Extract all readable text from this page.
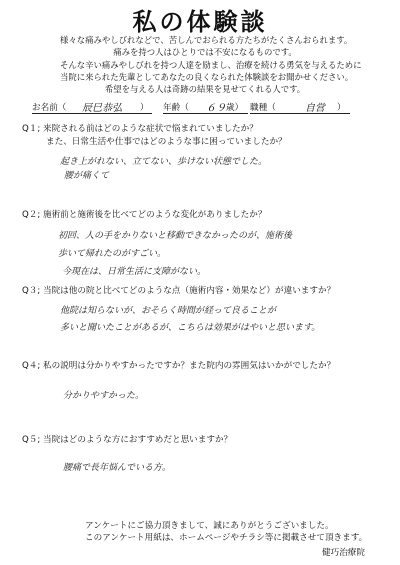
私の体験談
様々な痛みやしびれなどで、苦しんでおられる方たちがたくさんおられます。
痛みを持つ人はひとりでは不安になるものです。
そんな辛い痛みやしびれを持つ人達を励まし、治療を続ける勇気を与えるために
当院に来られた先輩としてあなたの良くなられた体験談をお聞かせください。
希望を与える人は奇跡の結果を見せてくれる人です。
お名前（ 辰巳恭弘 ） 年齢（ ６９ 歳） 職種（	自営 ）
Q１; 来院される前はどのような症状で悩まれていましたか？
また、日常生活や仕事ではどのような事に困っていましたか？
起き上がれない、立てない、歩けない状態でした。
腰が痛くて
Q２; 施術前と施術後を比べてどのような変化がありましたか？
初回、人の手をかりないと移動できなかったのが、施術後
歩いて帰れたのがすごい。
今現在は、日常生活に支障がない。
Q３; 当院は他の院と比べてどのような点（施術内容・効果など）が違いますか？
他院は知らないが、おそらく時間が経って良ることが
多いと聞いたことがあるが、こちらは効果がはやいと思います。
Q４; 私の説明は分かりやすかったですか？また院内の雰囲気はいかがでしたか？
分かりやすかった。
Q５; 当院はどのような方におすすめだと思いますか？
腰痛で長年悩んでいる方。
アンケートにご協力頂きまして、誠にありがとうございました。
このアンケート用紙は、ホームページやチラシ等に掲載させて頂きます。
健巧治療院
